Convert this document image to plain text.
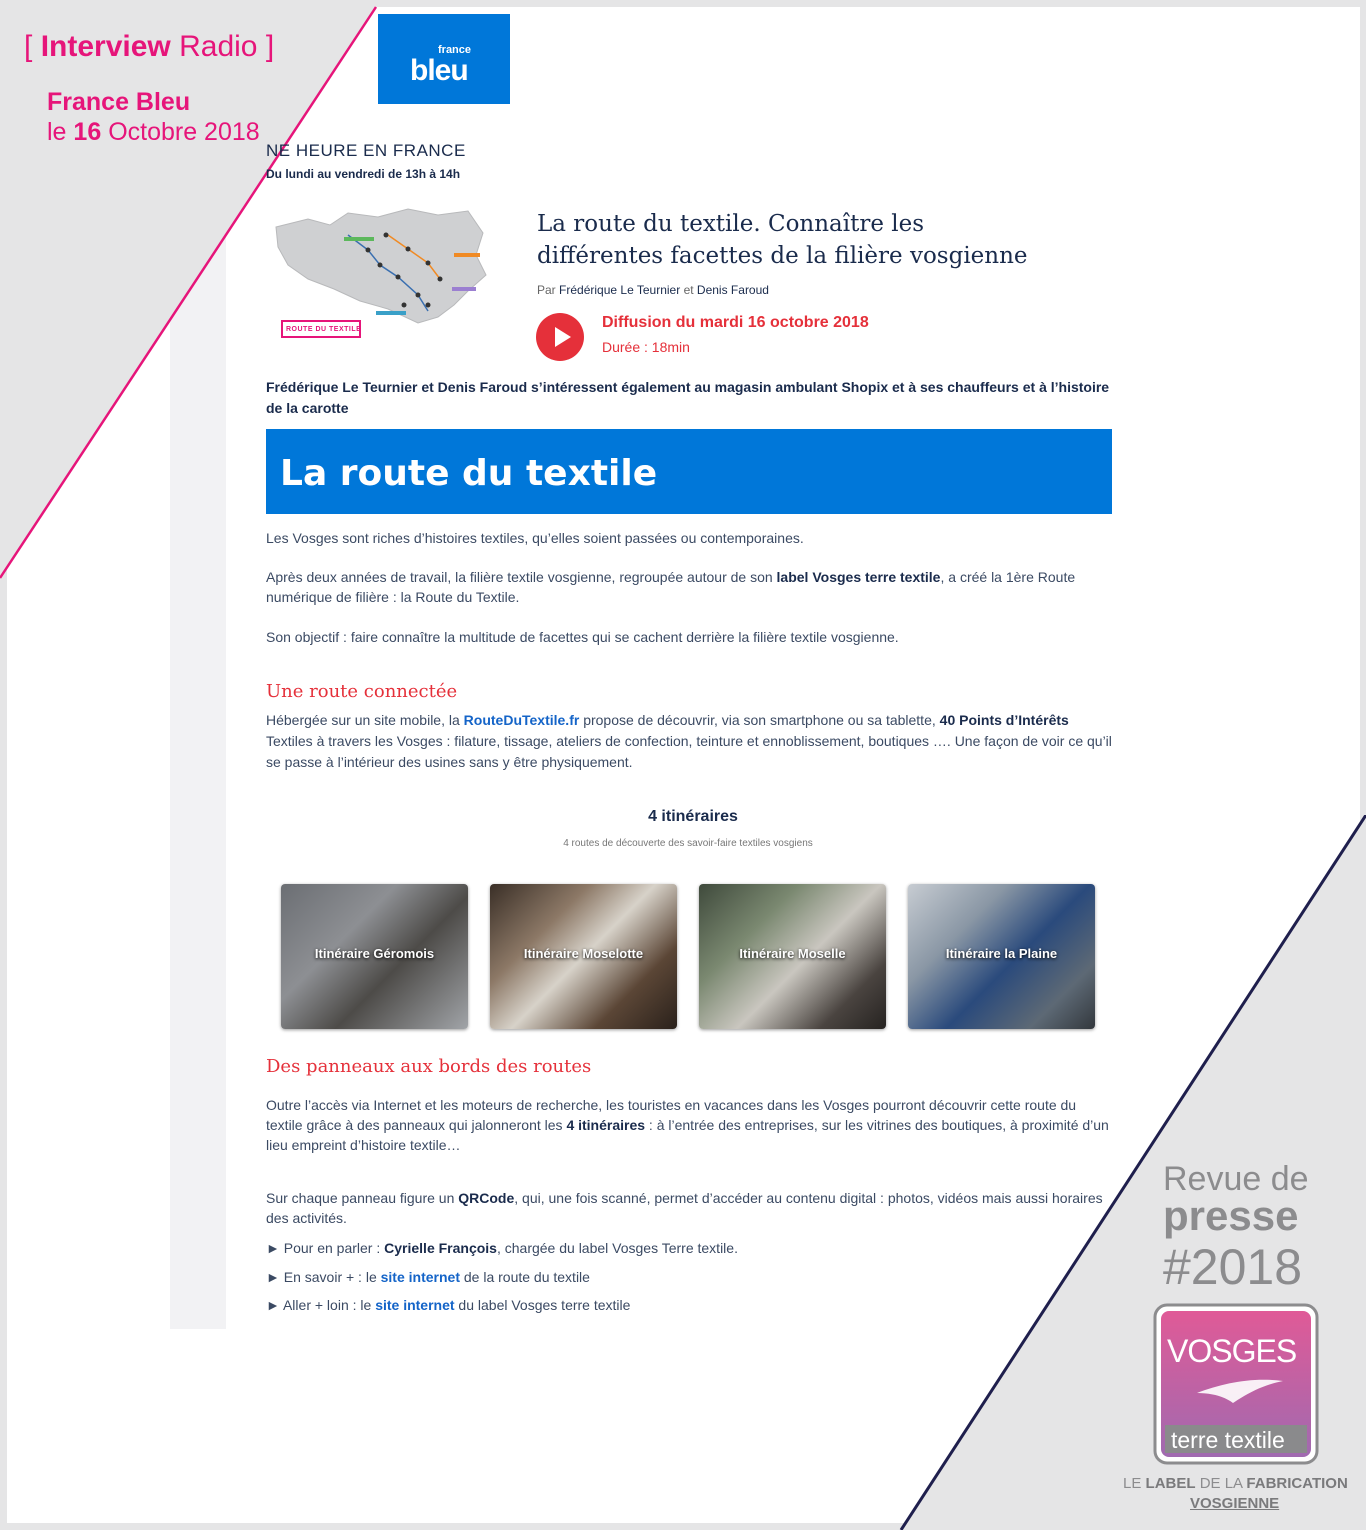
[ Interview Radio ]
France Bleu
le 16 Octobre 2018
france
bleu
NE HEURE EN FRANCE
Du lundi au vendredi de 13h à 14h
ROUTE DU TEXTILE
La route du textile. Connaître les différentes facettes de la filière vosgienne
Par Frédérique Le Teurnier et Denis Faroud
Diffusion du mardi 16 octobre 2018
Durée : 18min
Frédérique Le Teurnier et Denis Faroud s’intéressent également au magasin ambulant Shopix et à ses chauffeurs et à l’histoire de la carotte
La route du textile
Les Vosges sont riches d’histoires textiles, qu’elles soient passées ou contemporaines.
Après deux années de travail, la filière textile vosgienne, regroupée autour de son label Vosges terre textile, a créé la 1ère Route numérique de filière : la Route du Textile.
Son objectif : faire connaître la multitude de facettes qui se cachent derrière la filière textile vosgienne.
Une route connectée
Hébergée sur un site mobile, la RouteDuTextile.fr propose de découvrir, via son smartphone ou sa tablette, 40 Points d’Intérêts Textiles à travers les Vosges : filature, tissage, ateliers de confection, teinture et ennoblissement, boutiques …. Une façon de voir ce qu’il se passe à l’intérieur des usines sans y être physiquement.
4 itinéraires
4 routes de découverte des savoir-faire textiles vosgiens
Itinéraire Géromois	Itinéraire Moselotte	Itinéraire Moselle	Itinéraire la Plaine
Des panneaux aux bords des routes
Outre l’accès via Internet et les moteurs de recherche, les touristes en vacances dans les Vosges pourront découvrir cette route du textile grâce à des panneaux qui jalonneront les 4 itinéraires : à l’entrée des entreprises, sur les vitrines des boutiques, à proximité d’un lieu empreint d’histoire textile…
Sur chaque panneau figure un QRCode, qui, une fois scanné, permet d’accéder au contenu digital : photos, vidéos mais aussi horaires des activités.
► Pour en parler : Cyrielle François, chargée du label Vosges Terre textile.
► En savoir + : le site internet de la route du textile
► Aller + loin : le site internet du label Vosges terre textile
Revue de
presse
#2018
VOSGES
terre textile
LE LABEL DE LA FABRICATION
VOSGIENNE
